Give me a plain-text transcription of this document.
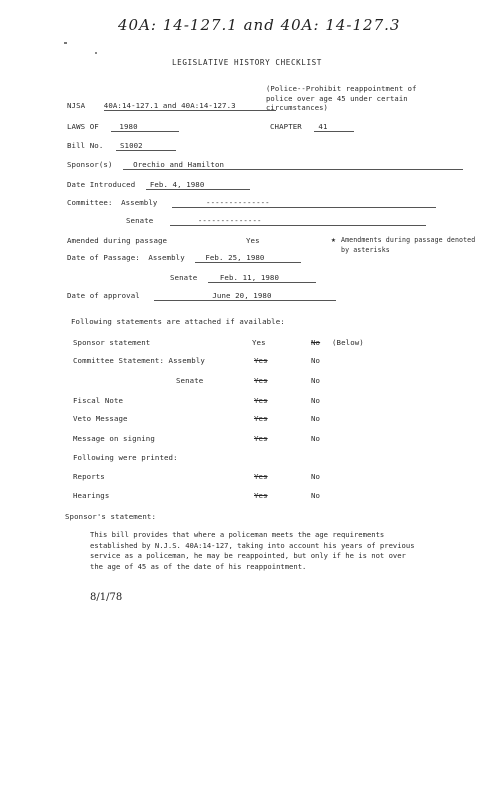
40A: 14-127.1 and 40A: 14-127.3
LEGISLATIVE HISTORY CHECKLIST
(Police--Prohibit reappointment of police over age 45 under certain circumstances)
NJSA	40A:14-127.1 and 40A:14-127.3
LAWS OF	1980	CHAPTER 41
Bill No. S1002
Sponsor(s)	Orechio and Hamilton
Date Introduced Feb. 4, 1980
Committee: Assembly	--------------
Senate	--------------
Amended during passage	Yes	★ Amendments during passage denoted by asterisks
Date of Passage: Assembly	Feb. 25, 1980
Senate	Feb. 11, 1980
Date of approval	June 20, 1980
Following statements are attached if available:
Sponsor statement	Yes	No (Below)
Committee Statement: Assembly	Yes	No
Senate	Yes	No
Fiscal Note	Yes	No
Veto Message	Yes	No
Message on signing	Yes	No
Following were printed:
Reports	Yes	No
Hearings	Yes	No
Sponsor's statement:
This bill provides that where a policeman meets the age requirements established by N.J.S. 40A:14-127, taking into account his years of previous service as a policeman, he may be reappointed, but only if he is not over the age of 45 as of the date of his reappointment.
8/1/78
